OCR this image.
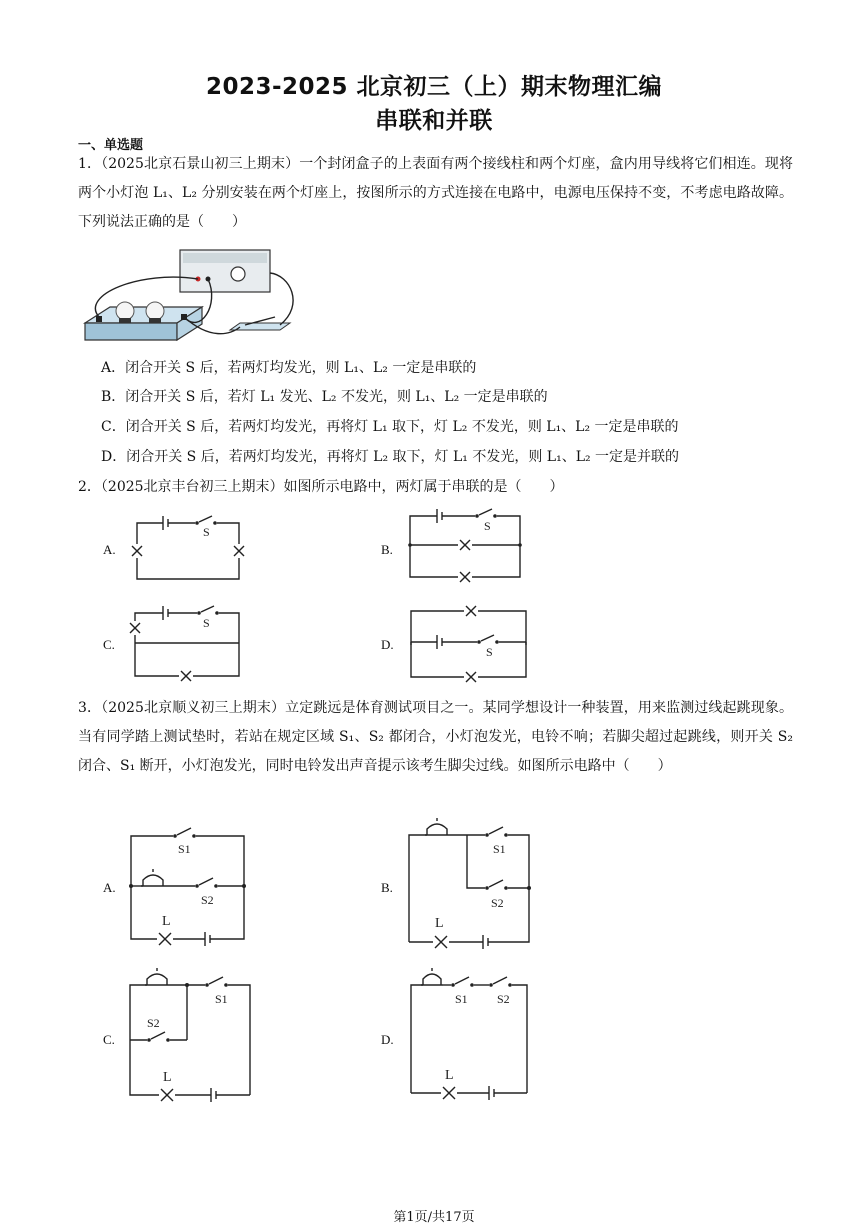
2023-2025 北京初三（上）期末物理汇编
串联和并联
一、单选题
1．（2025北京石景山初三上期末）一个封闭盒子的上表面有两个接线柱和两个灯座，盒内用导线将它们相连。现将两个小灯泡 L₁、L₂ 分别安装在两个灯座上，按图所示的方式连接在电路中，电源电压保持不变，不考虑电路故障。下列说法正确的是（　　）
A．闭合开关 S 后，若两灯均发光，则 L₁、L₂ 一定是串联的
B．闭合开关 S 后，若灯 L₁ 发光、L₂ 不发光，则 L₁、L₂ 一定是串联的
C．闭合开关 S 后，若两灯均发光，再将灯 L₁ 取下，灯 L₂ 不发光，则 L₁、L₂ 一定是串联的
D．闭合开关 S 后，若两灯均发光，再将灯 L₂ 取下，灯 L₁ 不发光，则 L₁、L₂ 一定是并联的
2．（2025北京丰台初三上期末）如图所示电路中，两灯属于串联的是（　　）
A.
S
B.
S
C.
S
D.	S
3．（2025北京顺义初三上期末）立定跳远是体育测试项目之一。某同学想设计一种装置，用来监测过线起跳现象。当有同学踏上测试垫时，若站在规定区域 S₁、S₂ 都闭合，小灯泡发光，电铃不响；若脚尖超过起跳线，则开关 S₂ 闭合、S₁ 断开，小灯泡发光，同时电铃发出声音提示该考生脚尖过线。如图所示电路中（　　）
A.
S1
S2
L
B.
S1
S2
L
C.
S1
S2
L
D.
S1 S2
L
第1页/共17页
